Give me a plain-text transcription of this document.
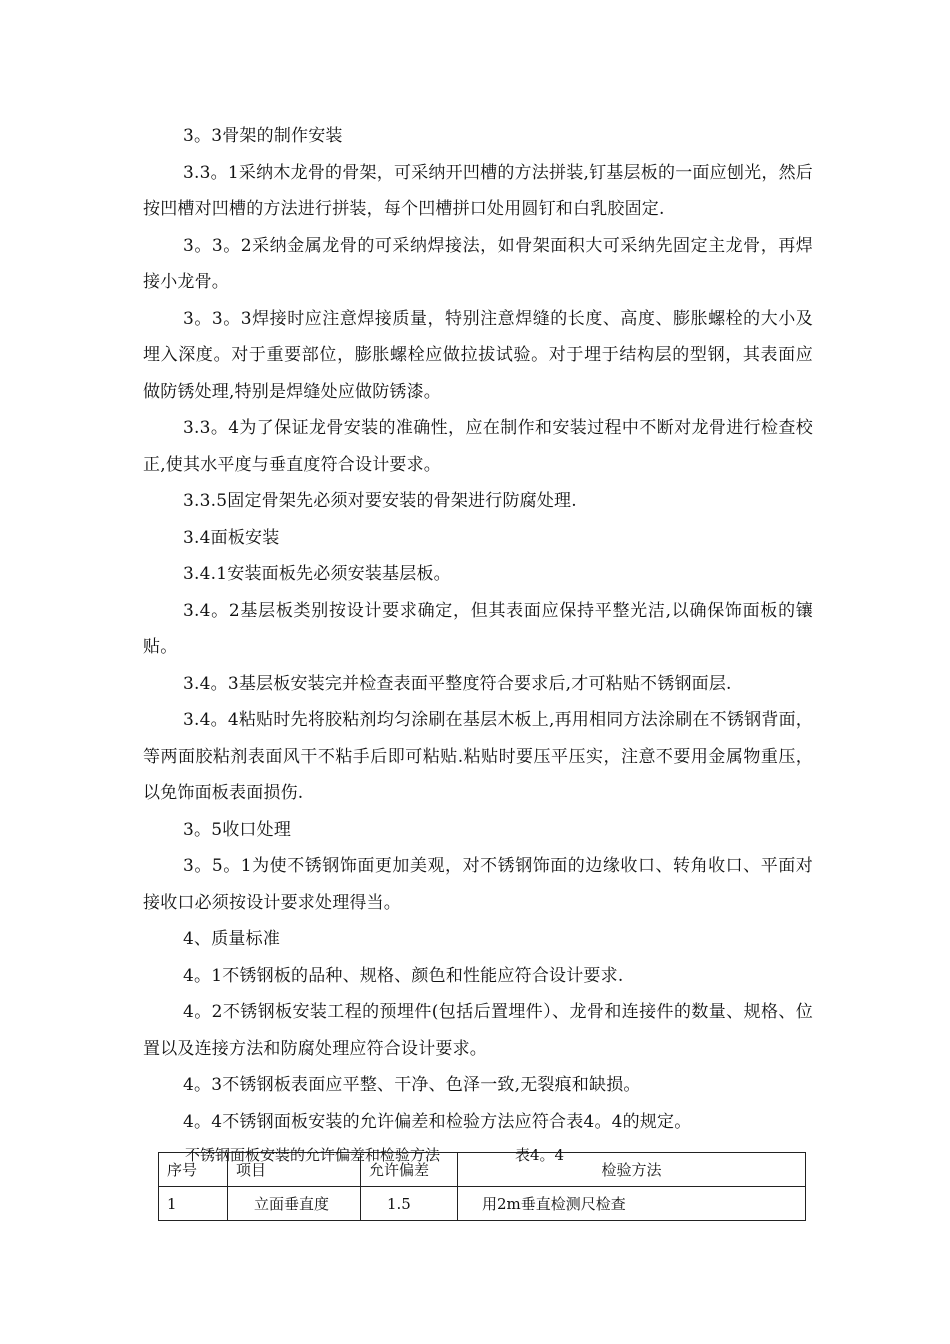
3。3骨架的制作安装

3.3。1采纳木龙骨的骨架，可采纳开凹槽的方法拼装,钉基层板的一面应刨光，然后按凹槽对凹槽的方法进行拼装，每个凹槽拼口处用圆钉和白乳胶固定.

3。3。2采纳金属龙骨的可采纳焊接法，如骨架面积大可采纳先固定主龙骨，再焊接小龙骨。

3。3。3焊接时应注意焊接质量，特别注意焊缝的长度、高度、膨胀螺栓的大小及埋入深度。对于重要部位，膨胀螺栓应做拉拔试验。对于埋于结构层的型钢，其表面应做防锈处理,特别是焊缝处应做防锈漆。

3.3。4为了保证龙骨安装的准确性，应在制作和安装过程中不断对龙骨进行检查校正,使其水平度与垂直度符合设计要求。

3.3.5固定骨架先必须对要安装的骨架进行防腐处理.

3.4面板安装

3.4.1安装面板先必须安装基层板。

3.4。2基层板类别按设计要求确定，但其表面应保持平整光洁,以确保饰面板的镶贴。

3.4。3基层板安装完并检查表面平整度符合要求后,才可粘贴不锈钢面层.

3.4。4粘贴时先将胶粘剂均匀涂刷在基层木板上,再用相同方法涂刷在不锈钢背面，等两面胶粘剂表面风干不粘手后即可粘贴.粘贴时要压平压实，注意不要用金属物重压，以免饰面板表面损伤.

3。5收口处理

3。5。1为使不锈钢饰面更加美观，对不锈钢饰面的边缘收口、转角收口、平面对接收口必须按设计要求处理得当。

4、质量标准

4。1不锈钢板的品种、规格、颜色和性能应符合设计要求.

4。2不锈钢板安装工程的预埋件(包括后置埋件）、龙骨和连接件的数量、规格、位置以及连接方法和防腐处理应符合设计要求。

4。3不锈钢板表面应平整、干净、色泽一致,无裂痕和缺损。

4。4不锈钢面板安装的允许偏差和检验方法应符合表4。4的规定。

不锈钢面板安装的允许偏差和检验方法	表4。4
序号	项目	允许偏差	检验方法
1	立面垂直度	1.5	用2m垂直检测尺检查
